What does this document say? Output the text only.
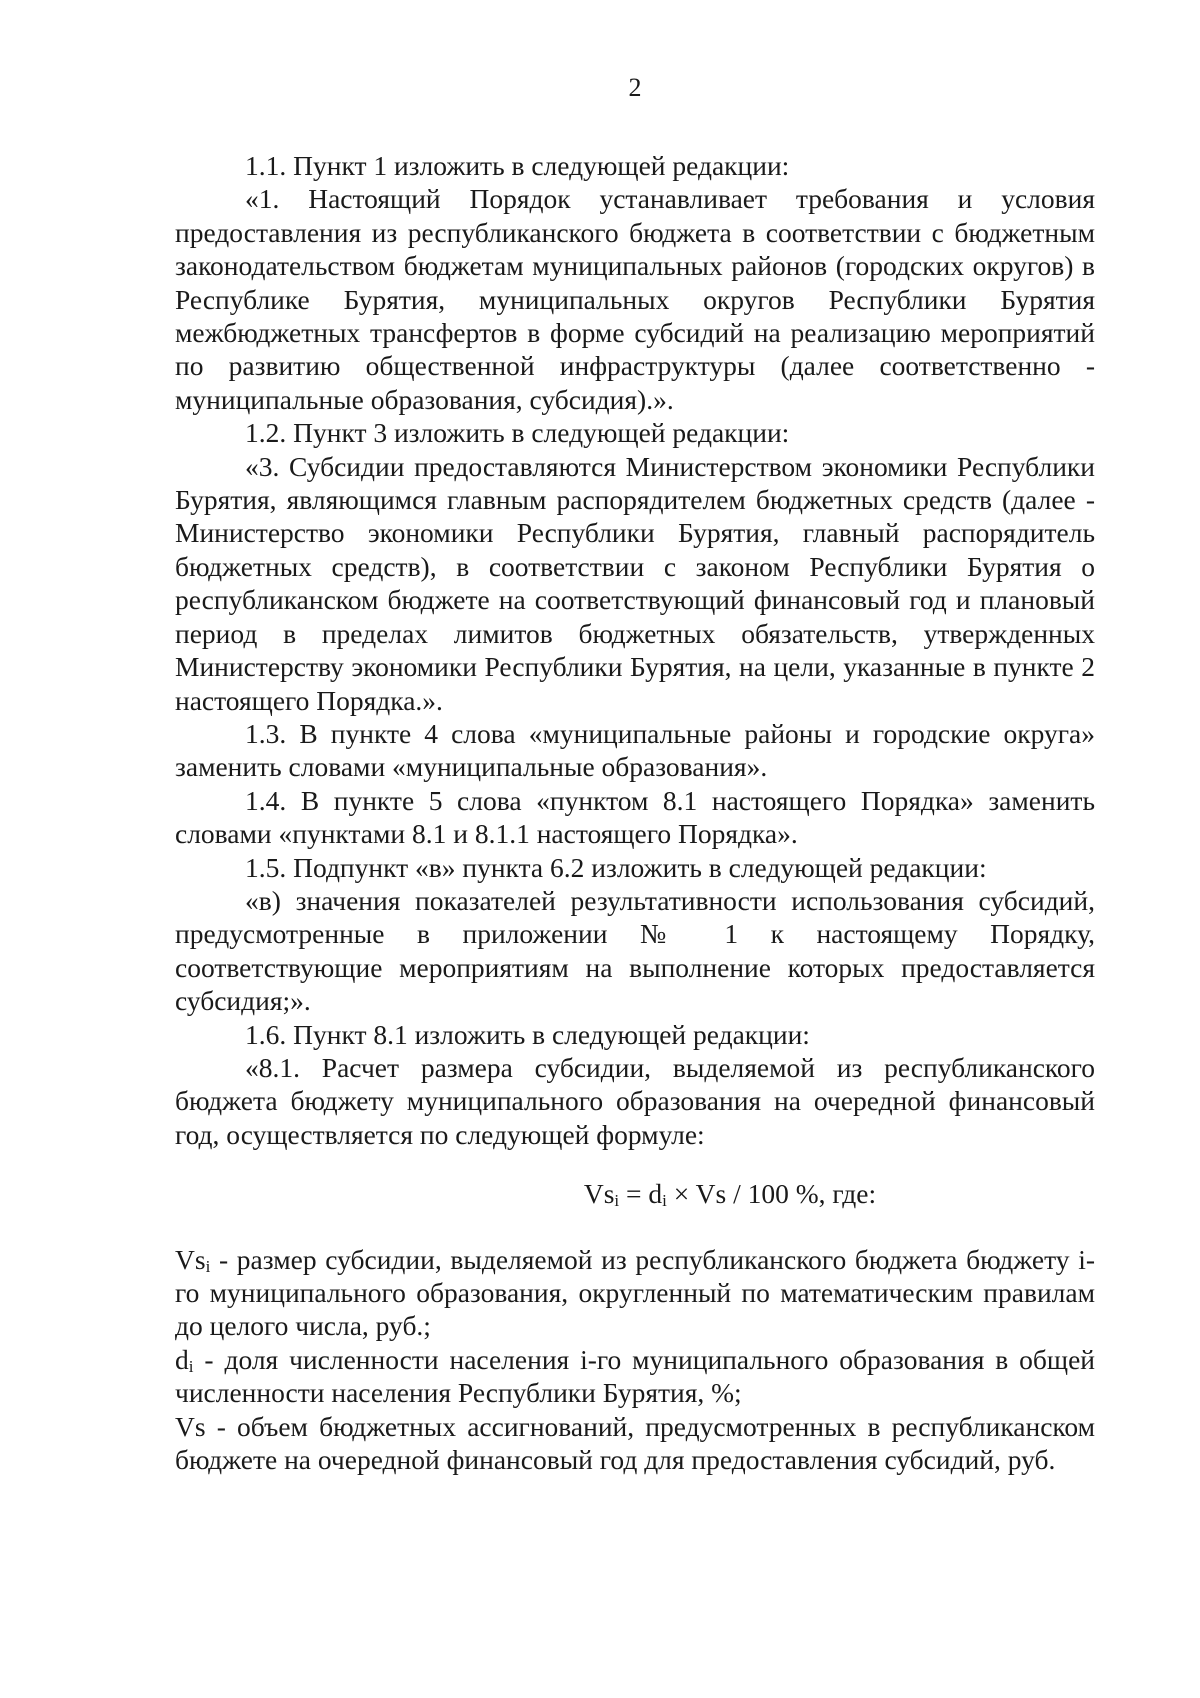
2

1.1. Пункт 1 изложить в следующей редакции:

«1. Настоящий Порядок устанавливает требования и условия предоставления из республиканского бюджета в соответствии с бюджетным законодательством бюджетам муниципальных районов (городских округов) в Республике Бурятия, муниципальных округов Республики Бурятия межбюджетных трансфертов в форме субсидий на реализацию мероприятий по развитию общественной инфраструктуры (далее соответственно - муниципальные образования, субсидия).».

1.2. Пункт 3 изложить в следующей редакции:

«3. Субсидии предоставляются Министерством экономики Республики Бурятия, являющимся главным распорядителем бюджетных средств (далее - Министерство экономики Республики Бурятия, главный распорядитель бюджетных средств), в соответствии с законом Республики Бурятия о республиканском бюджете на соответствующий финансовый год и плановый период в пределах лимитов бюджетных обязательств, утвержденных Министерству экономики Республики Бурятия, на цели, указанные в пункте 2 настоящего Порядка.».

1.3. В пункте 4 слова «муниципальные районы и городские округа» заменить словами «муниципальные образования».

1.4. В пункте 5 слова «пунктом 8.1 настоящего Порядка» заменить словами «пунктами 8.1 и 8.1.1 настоящего Порядка».

1.5. Подпункт «в» пункта 6.2 изложить в следующей редакции:

«в) значения показателей результативности использования субсидий, предусмотренные в приложении № 1 к настоящему Порядку, соответствующие мероприятиям на выполнение которых предоставляется субсидия;».

1.6. Пункт 8.1 изложить в следующей редакции:

«8.1. Расчет размера субсидии, выделяемой из республиканского бюджета бюджету муниципального образования на очередной финансовый год, осуществляется по следующей формуле:

$Vs_i = d_i \times Vs / 100$ %, где:

$Vs_i$ - размер субсидии, выделяемой из республиканского бюджета бюджету i-го муниципального образования, округленный по математическим правилам до целого числа, руб.;

$d_i$ - доля численности населения i-го муниципального образования в общей численности населения Республики Бурятия, %;

Vs - объем бюджетных ассигнований, предусмотренных в республиканском бюджете на очередной финансовый год для предоставления субсидий, руб.
